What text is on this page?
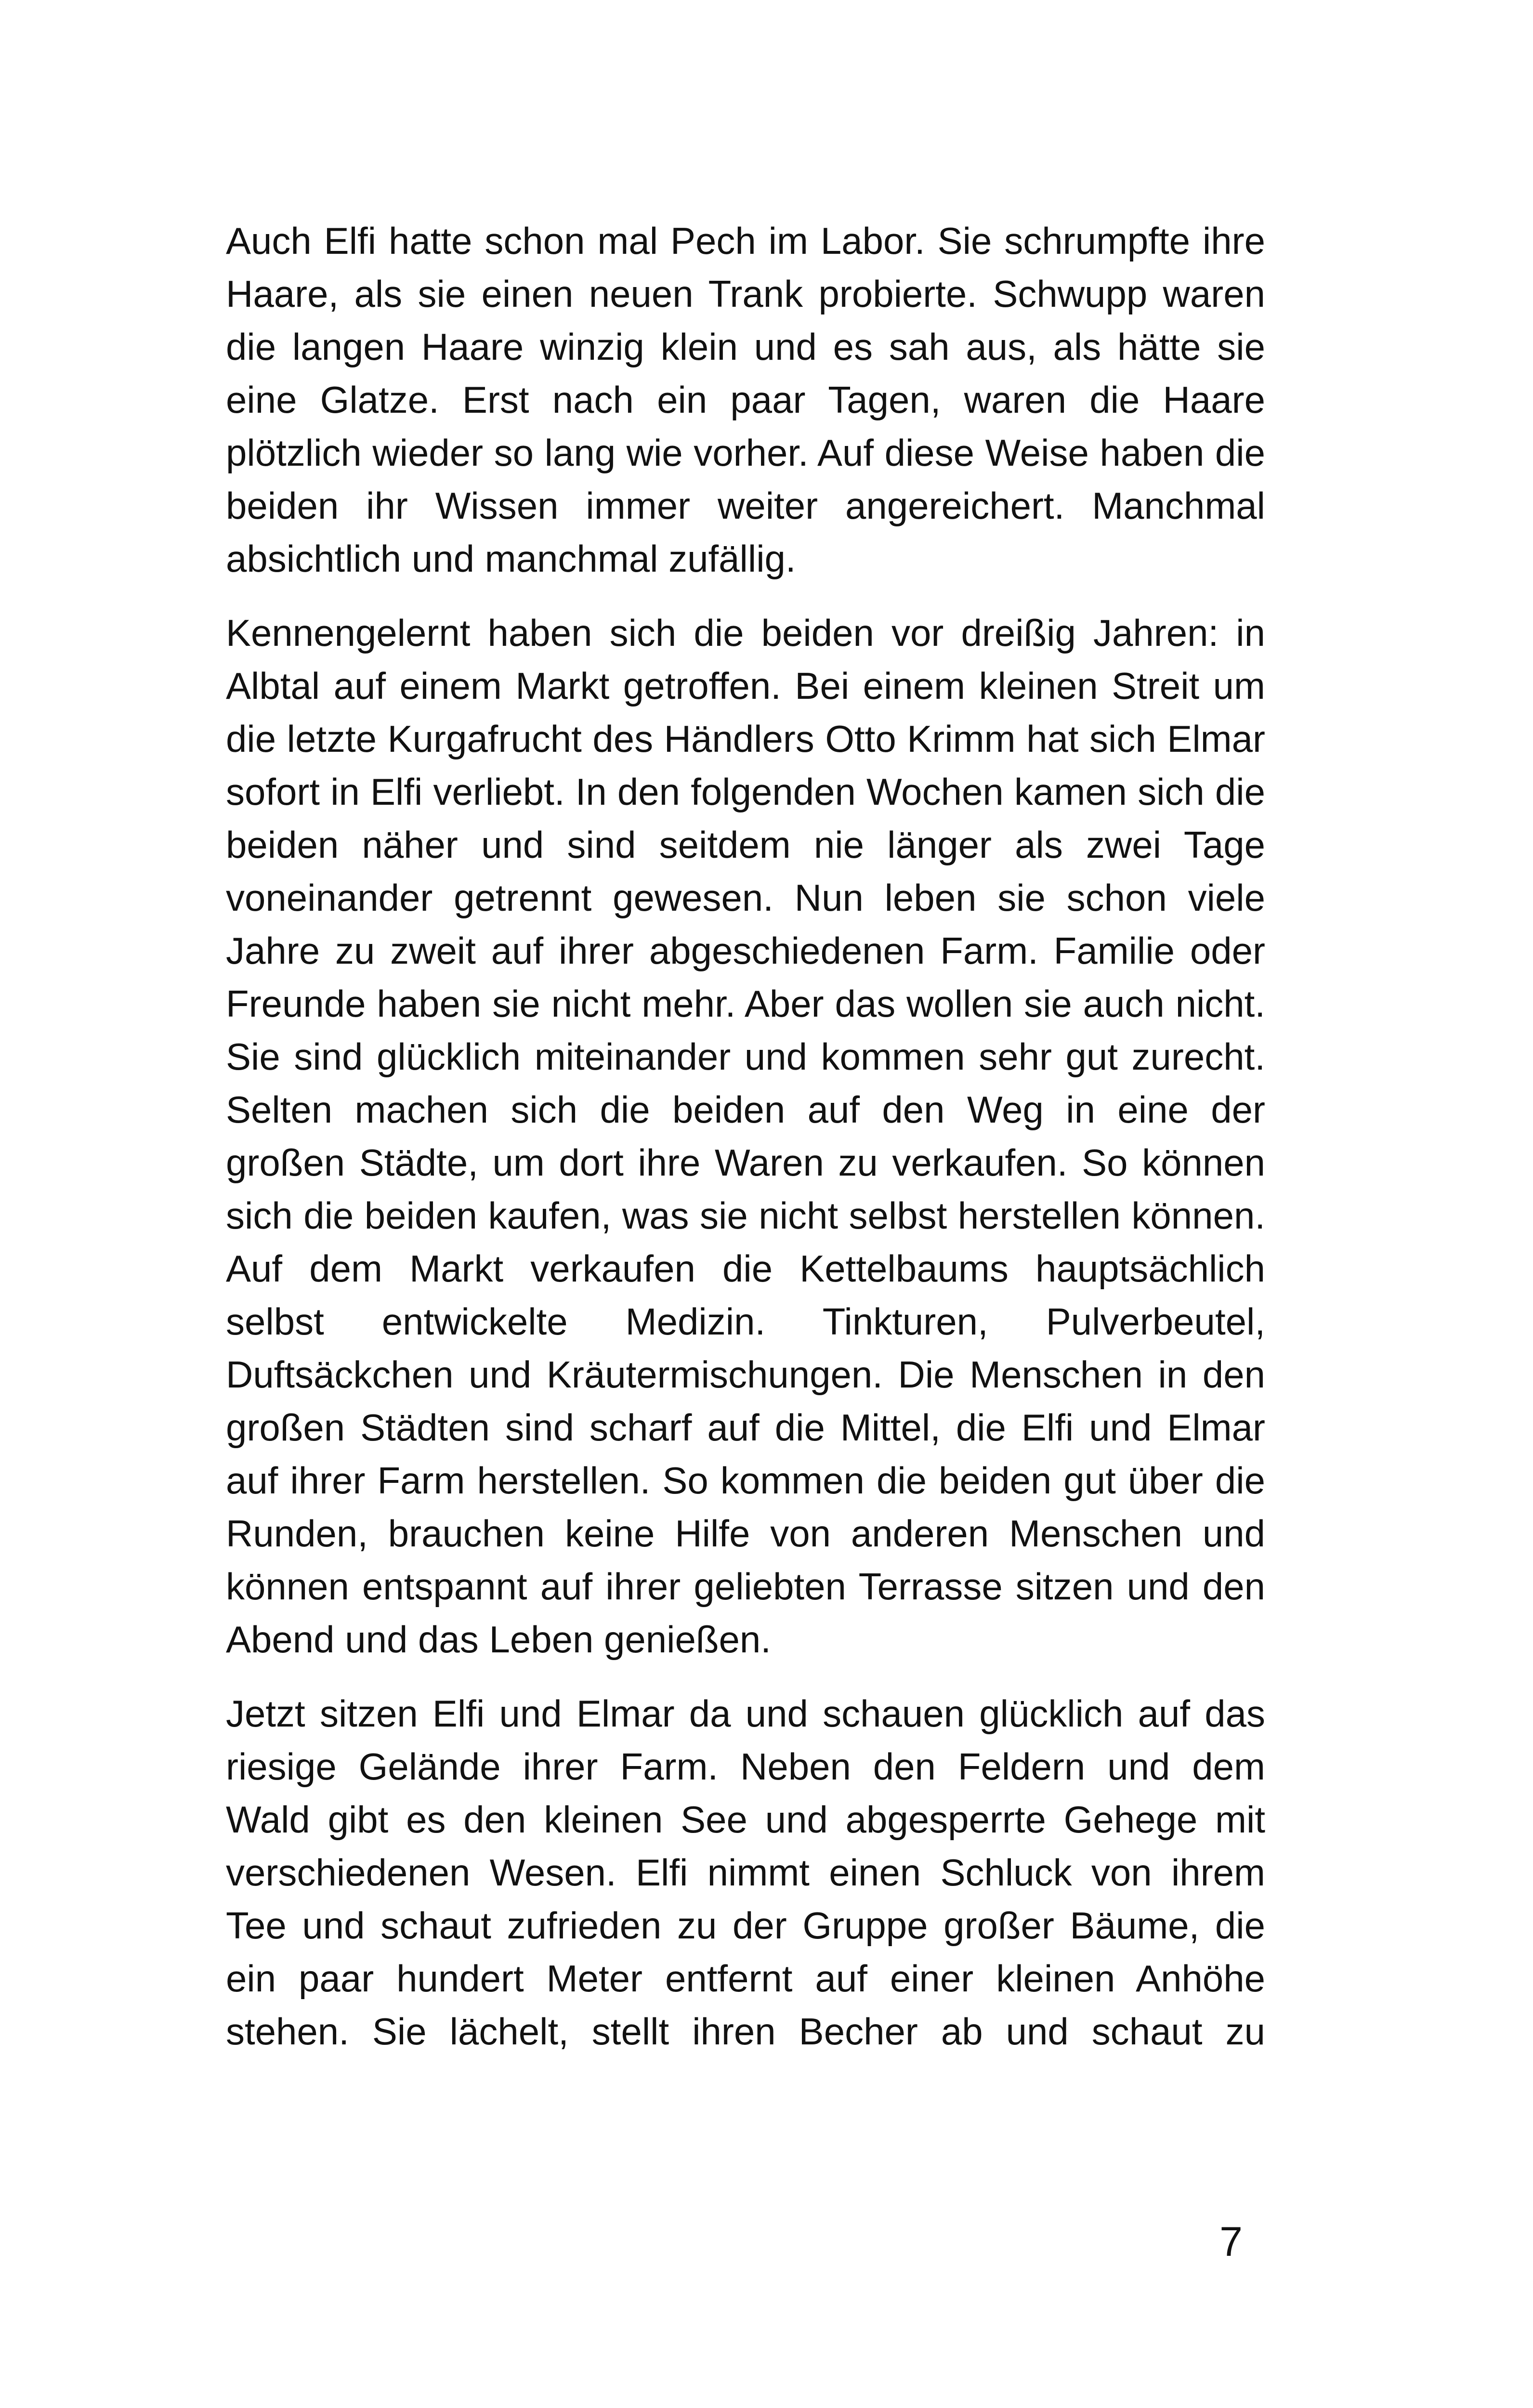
Auch Elfi hatte schon mal Pech im Labor. Sie schrumpfte ihre Haare, als sie einen neuen Trank probierte. Schwupp waren die langen Haare winzig klein und es sah aus, als hätte sie eine Glatze. Erst nach ein paar Tagen, waren die Haare plötzlich wieder so lang wie vorher. Auf diese Weise haben die beiden ihr Wissen immer weiter angereichert. Manchmal absichtlich und manchmal zufällig.

Kennengelernt haben sich die beiden vor dreißig Jahren: in Albtal auf einem Markt getroffen. Bei einem kleinen Streit um die letzte Kurgafrucht des Händlers Otto Krimm hat sich Elmar sofort in Elfi verliebt. In den folgenden Wochen kamen sich die beiden näher und sind seitdem nie länger als zwei Tage voneinander getrennt gewesen. Nun leben sie schon viele Jahre zu zweit auf ihrer abgeschiedenen Farm. Familie oder Freunde haben sie nicht mehr. Aber das wollen sie auch nicht. Sie sind glücklich miteinander und kommen sehr gut zurecht. Selten machen sich die beiden auf den Weg in eine der großen Städte, um dort ihre Waren zu verkaufen. So können sich die beiden kaufen, was sie nicht selbst herstellen können. Auf dem Markt verkaufen die Kettelbaums hauptsächlich selbst entwickelte Medizin. Tinkturen, Pulverbeutel, Duftsäckchen und Kräutermischungen. Die Menschen in den großen Städten sind scharf auf die Mittel, die Elfi und Elmar auf ihrer Farm herstellen. So kommen die beiden gut über die Runden, brauchen keine Hilfe von anderen Menschen und können entspannt auf ihrer geliebten Terrasse sitzen und den Abend und das Leben genießen.

Jetzt sitzen Elfi und Elmar da und schauen glücklich auf das riesige Gelände ihrer Farm. Neben den Feldern und dem Wald gibt es den kleinen See und abgesperrte Gehege mit verschiedenen Wesen. Elfi nimmt einen Schluck von ihrem Tee und schaut zufrieden zu der Gruppe großer Bäume, die ein paar hundert Meter entfernt auf einer kleinen Anhöhe stehen. Sie lächelt, stellt ihren Becher ab und schaut zu

7
